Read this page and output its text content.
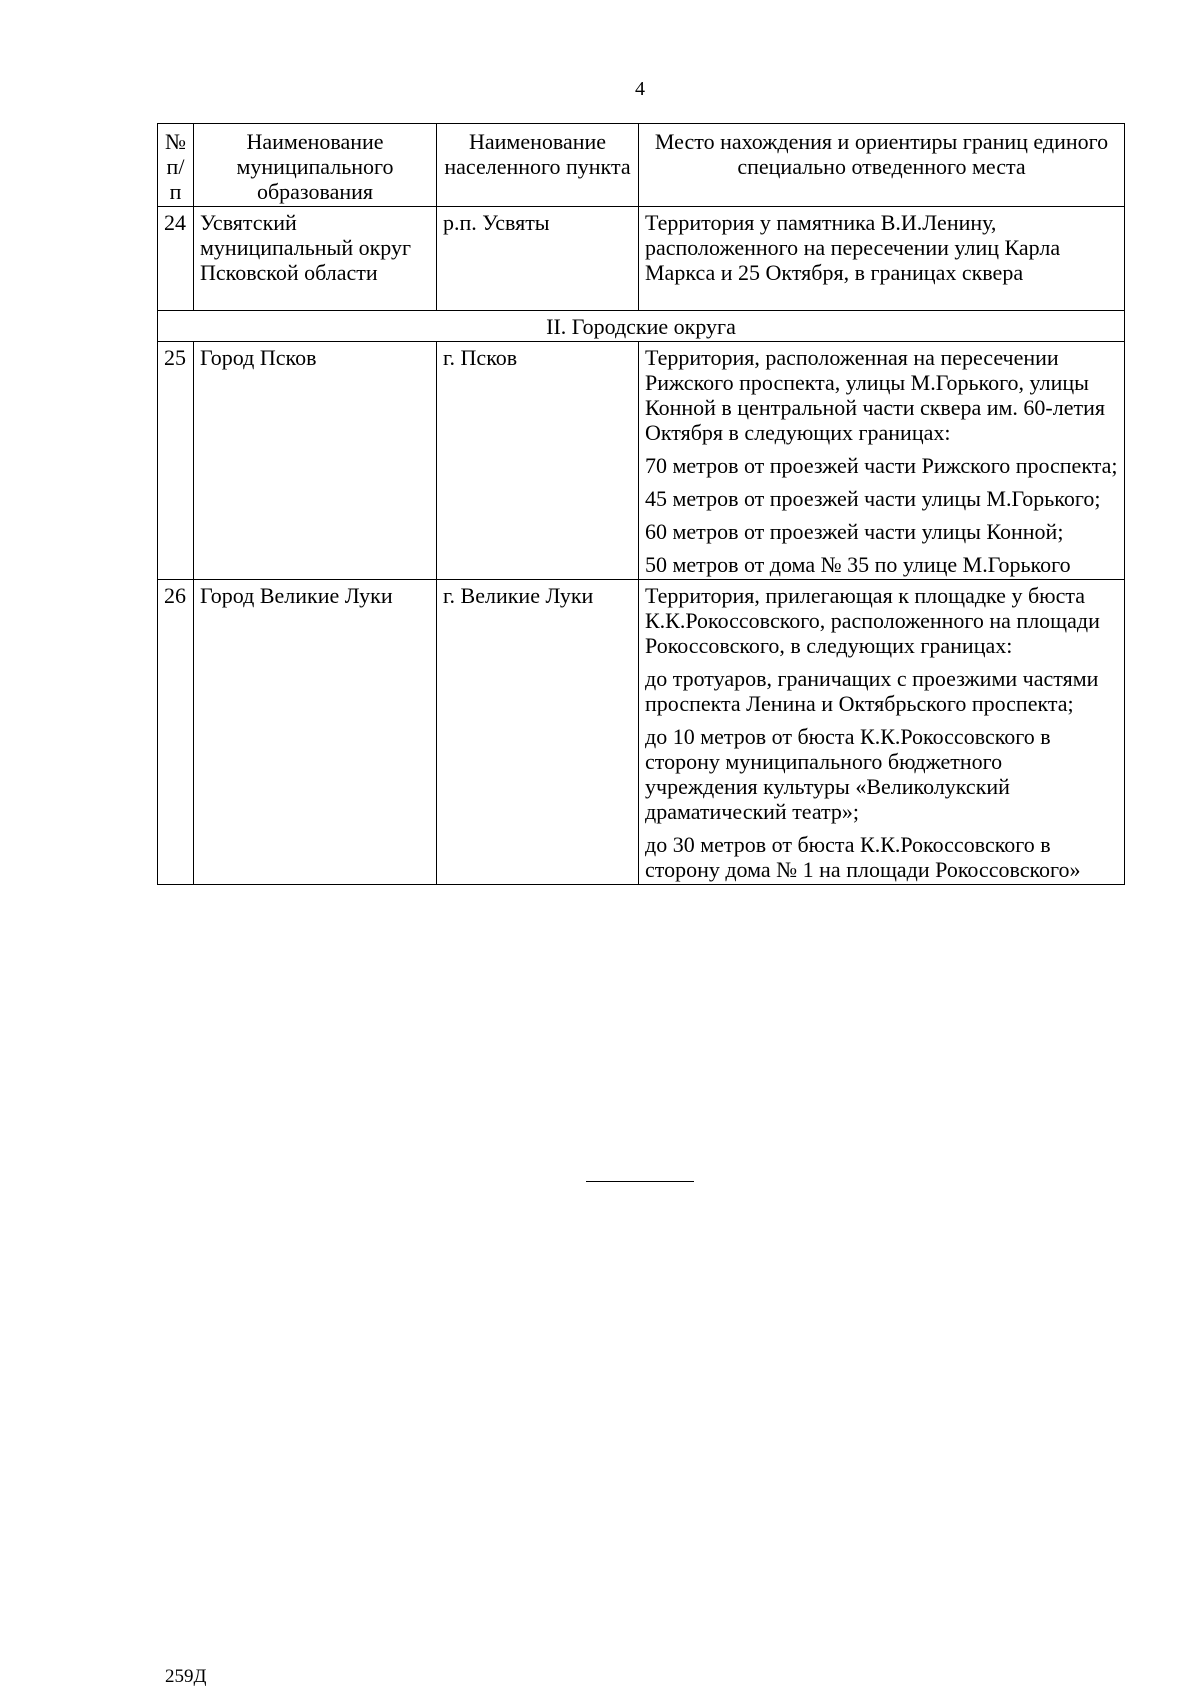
4
№ п/п	Наименование муниципального образования	Наименование населенного пункта	Место нахождения и ориентиры границ единого специально отведенного места
24	Усвятский муниципальный округ Псковской области	р.п. Усвяты	Территория у памятника В.И.Ленину, расположенного на пересечении улиц Карла Маркса и 25 Октября, в границах сквера

II. Городские округа			
25	Город Псков	г. Псков	Территория, расположенная на пересечении Рижского проспекта, улицы М.Горького, улицы Конной в центральной части сквера им. 60-летия Октября в следующих границах:
70 метров от проезжей части Рижского проспекта;
45 метров от проезжей части улицы М.Горького;
60 метров от проезжей части улицы Конной;
50 метров от дома № 35 по улице М.Горького

26	Город Великие Луки	г. Великие Луки	Территория, прилегающая к площадке у бюста К.К.Рокоссовского, расположенного на площади Рокоссовского, в следующих границах:
до тротуаров, граничащих с проезжими частями проспекта Ленина и Октябрьского проспекта;
до 10 метров от бюста К.К.Рокоссовского в сторону муниципального бюджетного учреждения культуры «Великолукский драматический театр»;
до 30 метров от бюста К.К.Рокоссовского в сторону дома № 1 на площади Рокоссовского»
259Д
